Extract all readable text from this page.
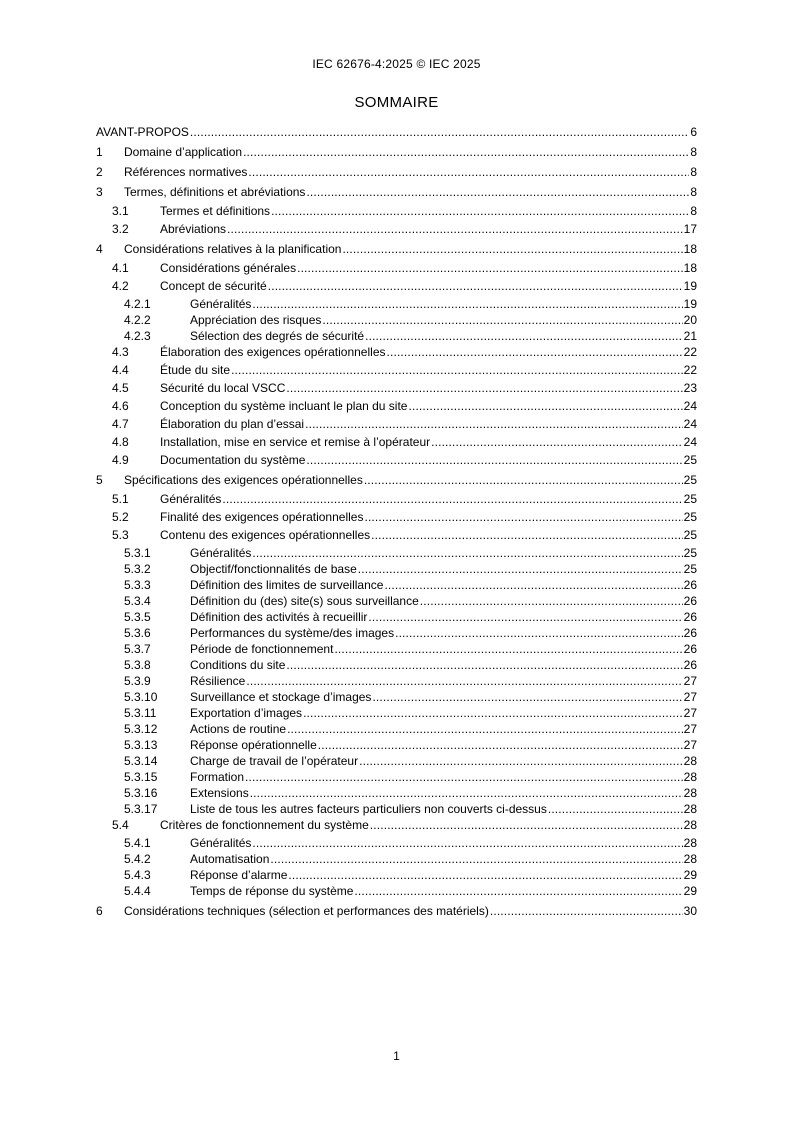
IEC 62676-4:2025 © IEC 2025
SOMMAIRE
AVANT-PROPOS .....	6
1	Domaine d’application .....	8
2	Références normatives .....	8
3	Termes, définitions et abréviations .....	8
3.1	Termes et définitions .....	8
3.2	Abréviations .....	17
4	Considérations relatives à la planification .....	18
4.1	Considérations générales .....	18
4.2	Concept de sécurité .....	19
4.2.1	Généralités .....	19
4.2.2	Appréciation des risques .....	20
4.2.3	Sélection des degrés de sécurité .....	21
4.3	Élaboration des exigences opérationnelles .....	22
4.4	Étude du site .....	22
4.5	Sécurité du local VSCC .....	23
4.6	Conception du système incluant le plan du site .....	24
4.7	Élaboration du plan d’essai .....	24
4.8	Installation, mise en service et remise à l’opérateur .....	24
4.9	Documentation du système .....	25
5	Spécifications des exigences opérationnelles .....	25
5.1	Généralités .....	25
5.2	Finalité des exigences opérationnelles .....	25
5.3	Contenu des exigences opérationnelles .....	25
5.3.1	Généralités .....	25
5.3.2	Objectif/fonctionnalités de base .....	25
5.3.3	Définition des limites de surveillance .....	26
5.3.4	Définition du (des) site(s) sous surveillance .....	26
5.3.5	Définition des activités à recueillir .....	26
5.3.6	Performances du système/des images .....	26
5.3.7	Période de fonctionnement .....	26
5.3.8	Conditions du site .....	26
5.3.9	Résilience .....	27
5.3.10	Surveillance et stockage d’images .....	27
5.3.11	Exportation d’images .....	27
5.3.12	Actions de routine .....	27
5.3.13	Réponse opérationnelle .....	27
5.3.14	Charge de travail de l’opérateur .....	28
5.3.15	Formation .....	28
5.3.16	Extensions .....	28
5.3.17	Liste de tous les autres facteurs particuliers non couverts ci-dessus .....	28
5.4	Critères de fonctionnement du système .....	28
5.4.1	Généralités .....	28
5.4.2	Automatisation .....	28
5.4.3	Réponse d’alarme .....	29
5.4.4	Temps de réponse du système .....	29
6	Considérations techniques (sélection et performances des matériels) .....	30
1
